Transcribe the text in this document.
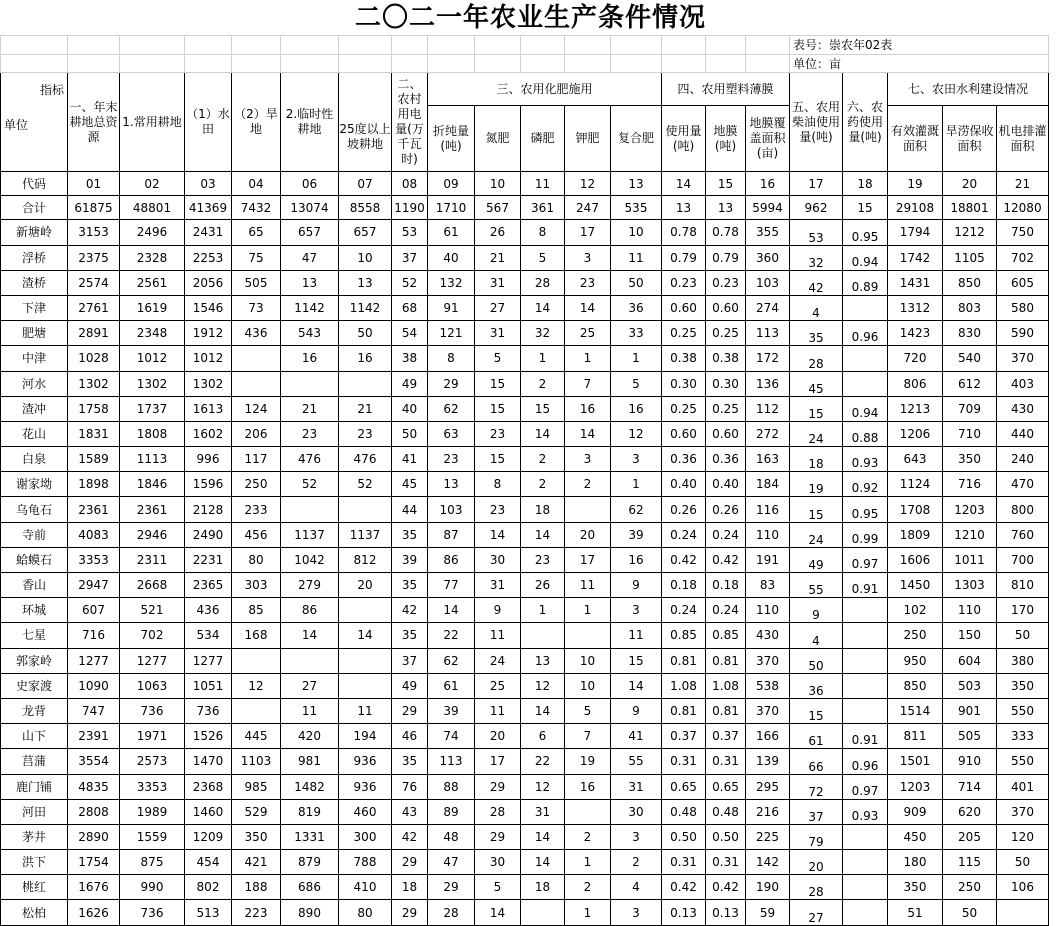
二〇二一年农业生产条件情况
																表号：崇农年02表				
																单位：亩				

指标
单位	一、年末耕地总资源	1.常用耕地	（1）水田	（2）旱地	2.临时性耕地	25度以上坡耕地	二、农村用电量(万千瓦时)	三、农用化肥施用					四、农用塑料薄膜			五、农用柴油使用量(吨)	六、农药使用量(吨)	七、农田水利建设情况		
								折纯量(吨)	氮肥	磷肥	钾肥	复合肥	使用量(吨)	地膜(吨)	地膜覆盖面积(亩)			有效灌溉面积	旱涝保收面积	机电排灌面积
代码	01	02	03	04	06	07	08	09	10	11	12	13	14	15	16	17	18	19	20	21
合计	61875	48801	41369	7432	13074	8558	1190	1710	567	361	247	535	13	13	5994	962	15	29108	18801	12080
新塘岭	3153	2496	2431	65	657	657	53	61	26	8	17	10	0.78	0.78	355	53	0.95	1794	1212	750
浮桥	2375	2328	2253	75	47	10	37	40	21	5	3	11	0.79	0.79	360	32	0.94	1742	1105	702
渣桥	2574	2561	2056	505	13	13	52	132	31	28	23	50	0.23	0.23	103	42	0.89	1431	850	605
下津	2761	1619	1546	73	1142	1142	68	91	27	14	14	36	0.60	0.60	274	4		1312	803	580
肥塘	2891	2348	1912	436	543	50	54	121	31	32	25	33	0.25	0.25	113	35	0.96	1423	830	590
中津	1028	1012	1012		16	16	38	8	5	1	1	1	0.38	0.38	172	28		720	540	370
河水	1302	1302	1302				49	29	15	2	7	5	0.30	0.30	136	45		806	612	403
渣冲	1758	1737	1613	124	21	21	40	62	15	15	16	16	0.25	0.25	112	15	0.94	1213	709	430
花山	1831	1808	1602	206	23	23	50	63	23	14	14	12	0.60	0.60	272	24	0.88	1206	710	440
白泉	1589	1113	996	117	476	476	41	23	15	2	3	3	0.36	0.36	163	18	0.93	643	350	240
谢家坳	1898	1846	1596	250	52	52	45	13	8	2	2	1	0.40	0.40	184	19	0.92	1124	716	470
乌龟石	2361	2361	2128	233			44	103	23	18		62	0.26	0.26	116	15	0.95	1708	1203	800
寺前	4083	2946	2490	456	1137	1137	35	87	14	14	20	39	0.24	0.24	110	24	0.99	1809	1210	760
蛤蟆石	3353	2311	2231	80	1042	812	39	86	30	23	17	16	0.42	0.42	191	49	0.97	1606	1011	700
香山	2947	2668	2365	303	279	20	35	77	31	26	11	9	0.18	0.18	83	55	0.91	1450	1303	810
环城	607	521	436	85	86		42	14	9	1	1	3	0.24	0.24	110	9		102	110	170
七星	716	702	534	168	14	14	35	22	11			11	0.85	0.85	430	4		250	150	50
郭家岭	1277	1277	1277				37	62	24	13	10	15	0.81	0.81	370	50		950	604	380
史家渡	1090	1063	1051	12	27		49	61	25	12	10	14	1.08	1.08	538	36		850	503	350
龙背	747	736	736		11	11	29	39	11	14	5	9	0.81	0.81	370	15		1514	901	550
山下	2391	1971	1526	445	420	194	46	74	20	6	7	41	0.37	0.37	166	61	0.91	811	505	333
莒蒲	3554	2573	1470	1103	981	936	35	113	17	22	19	55	0.31	0.31	139	66	0.96	1501	910	550
鹿门铺	4835	3353	2368	985	1482	936	76	88	29	12	16	31	0.65	0.65	295	72	0.97	1203	714	401
河田	2808	1989	1460	529	819	460	43	89	28	31		30	0.48	0.48	216	37	0.93	909	620	370
茅井	2890	1559	1209	350	1331	300	42	48	29	14	2	3	0.50	0.50	225	79		450	205	120
洪下	1754	875	454	421	879	788	29	47	30	14	1	2	0.31	0.31	142	20		180	115	50
桃红	1676	990	802	188	686	410	18	29	5	18	2	4	0.42	0.42	190	28		350	250	106
松柏	1626	736	513	223	890	80	29	28	14		1	3	0.13	0.13	59	27		51	50	
